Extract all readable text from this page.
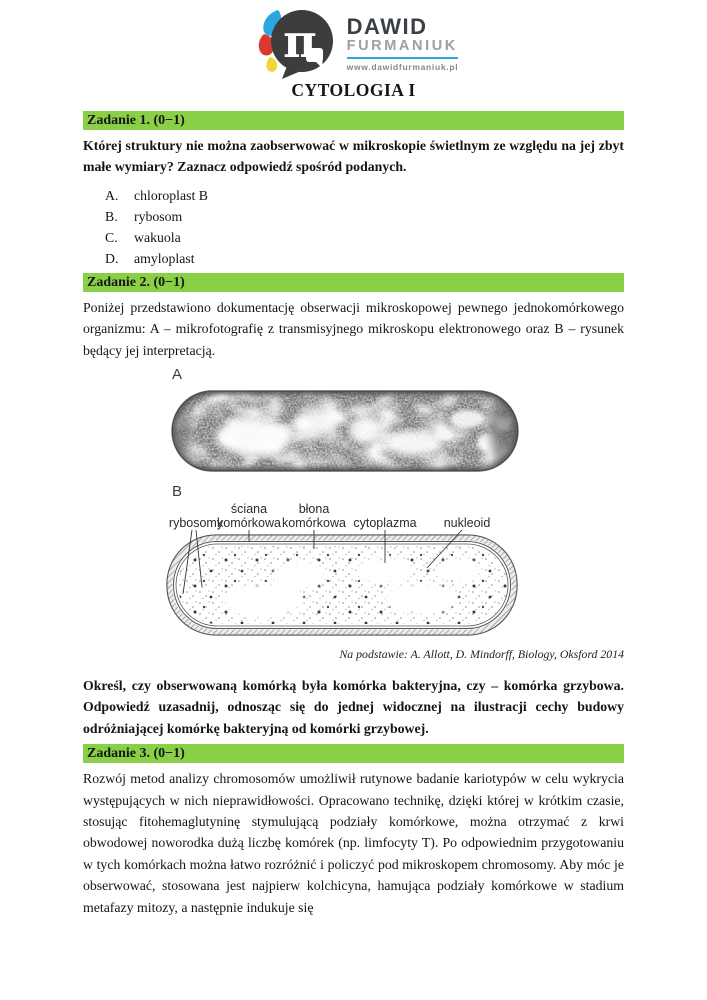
π DAWID
FURMANIUK
www.dawidfurmaniuk.pl
CYTOLOGIA I
Zadanie 1. (0−1)

Której struktury nie można zaobserwować w mikroskopie świetlnym ze względu na jej zbyt małe wymiary? Zaznacz odpowiedź spośród podanych.

A.	chloroplast B
B.	rybosom
C.	wakuola
D.	amyloplast
Zadanie 2. (0−1)

Poniżej przedstawiono dokumentację obserwacji mikroskopowej pewnego jednokomórkowego organizmu: A – mikrofotografię z transmisyjnego mikroskopu elektronowego oraz B – rysunek będący jej interpretacją.

A
B
rybosomy
ściana
komórkowa
błona
komórkowa cytoplazma nukleoid
Na podstawie: A. Allott, D. Mindorff, Biology, Oksford 2014

Określ, czy obserwowaną komórką była komórka bakteryjna, czy – komórka grzybowa. Odpowiedź uzasadnij, odnosząc się do jednej widocznej na ilustracji cechy budowy odróżniającej komórkę bakteryjną od komórki grzybowej.

Zadanie 3. (0−1)

Rozwój metod analizy chromosomów umożliwił rutynowe badanie kariotypów w celu wykrycia występujących w nich nieprawidłowości. Opracowano technikę, dzięki której w krótkim czasie, stosując fitohemaglutyninę stymulującą podziały komórkowe, można otrzymać z krwi obwodowej noworodka dużą liczbę komórek (np. limfocyty T). Po odpowiednim przygotowaniu w tych komórkach można łatwo rozróżnić i policzyć pod mikroskopem chromosomy. Aby móc je obserwować, stosowana jest najpierw kolchicyna, hamująca podziały komórkowe w stadium metafazy mitozy, a następnie indukuje się
